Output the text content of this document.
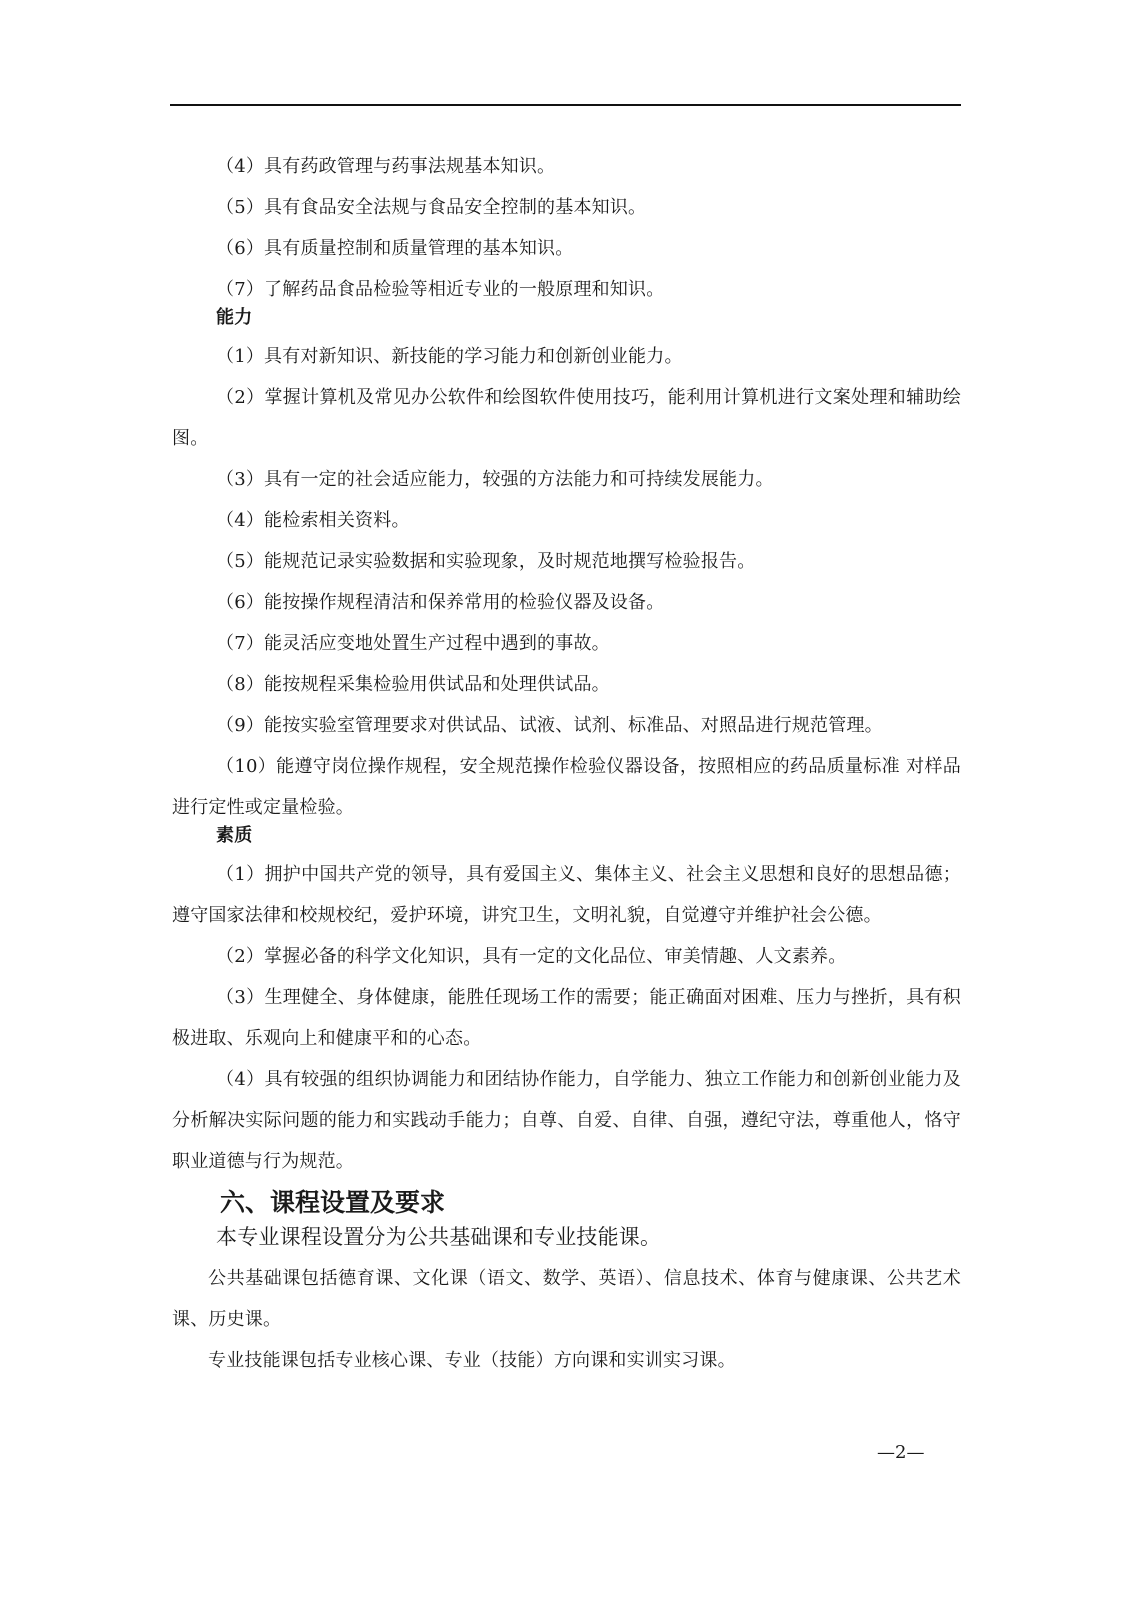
（4）具有药政管理与药事法规基本知识。

（5）具有食品安全法规与食品安全控制的基本知识。

（6）具有质量控制和质量管理的基本知识。

（7）了解药品食品检验等相近专业的一般原理和知识。

能力

（1）具有对新知识、新技能的学习能力和创新创业能力。

（2）掌握计算机及常见办公软件和绘图软件使用技巧，能利用计算机进行文案处理和辅助绘图。

（3）具有一定的社会适应能力，较强的方法能力和可持续发展能力。

（4）能检索相关资料。

（5）能规范记录实验数据和实验现象，及时规范地撰写检验报告。

（6）能按操作规程清洁和保养常用的检验仪器及设备。

（7）能灵活应变地处置生产过程中遇到的事故。

（8）能按规程采集检验用供试品和处理供试品。

（9）能按实验室管理要求对供试品、试液、试剂、标准品、对照品进行规范管理。

（10）能遵守岗位操作规程，安全规范操作检验仪器设备，按照相应的药品质量标准 对样品进行定性或定量检验。

素质

（1）拥护中国共产党的领导，具有爱国主义、集体主义、社会主义思想和良好的思想品德；遵守国家法律和校规校纪，爱护环境，讲究卫生，文明礼貌，自觉遵守并维护社会公德。

（2）掌握必备的科学文化知识，具有一定的文化品位、审美情趣、人文素养。

（3）生理健全、身体健康，能胜任现场工作的需要；能正确面对困难、压力与挫折，具有积极进取、乐观向上和健康平和的心态。

（4）具有较强的组织协调能力和团结协作能力，自学能力、独立工作能力和创新创业能力及分析解决实际问题的能力和实践动手能力；自尊、自爱、自律、自强，遵纪守法，尊重他人，恪守职业道德与行为规范。

六、课程设置及要求

本专业课程设置分为公共基础课和专业技能课。

公共基础课包括德育课、文化课（语文、数学、英语）、信息技术、体育与健康课、公共艺术课、历史课。

专业技能课包括专业核心课、专业（技能）方向课和实训实习课。

—2—
